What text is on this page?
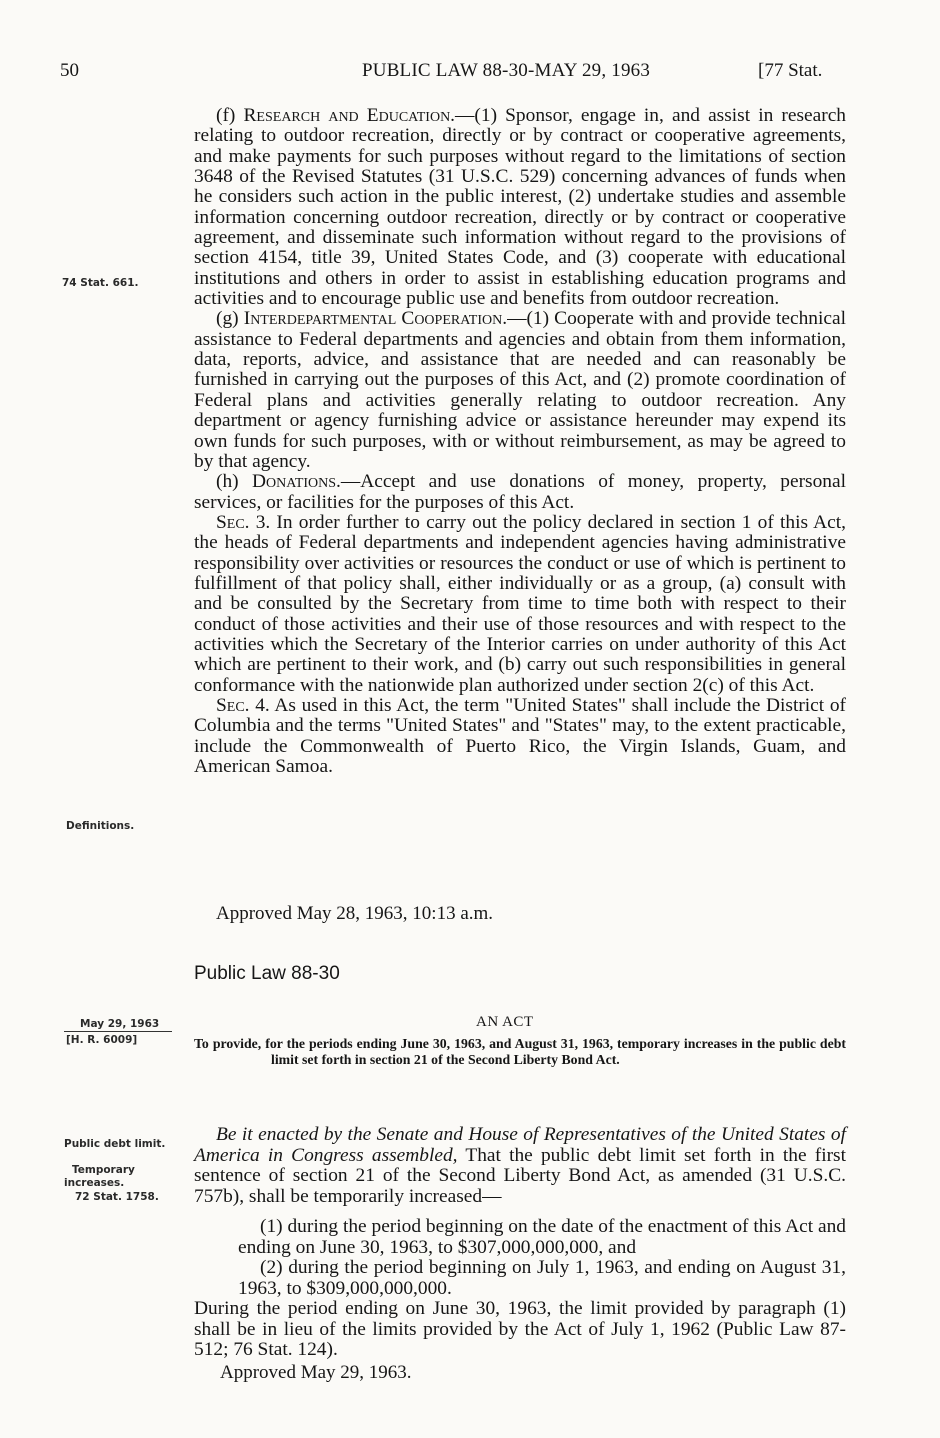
50	PUBLIC LAW 88-30-MAY 29, 1963	[77 Stat.
74 Stat. 661.
Definitions.
May 29, 1963
[H. R. 6009]
Public debt limit.
Temporary increases.
72 Stat. 1758.

(f) Research and Education.—(1) Sponsor, engage in, and assist in research relating to outdoor recreation, directly or by contract or cooperative agreements, and make payments for such purposes without regard to the limitations of section 3648 of the Revised Statutes (31 U.S.C. 529) concerning advances of funds when he considers such action in the public interest, (2) undertake studies and assemble information concerning outdoor recreation, directly or by contract or cooperative agreement, and disseminate such information without regard to the provisions of section 4154, title 39, United States Code, and (3) cooperate with educational institutions and others in order to assist in establishing education programs and activities and to encourage public use and benefits from outdoor recreation.

(g) Interdepartmental Cooperation.—(1) Cooperate with and provide technical assistance to Federal departments and agencies and obtain from them information, data, reports, advice, and assistance that are needed and can reasonably be furnished in carrying out the purposes of this Act, and (2) promote coordination of Federal plans and activities generally relating to outdoor recreation. Any department or agency furnishing advice or assistance hereunder may expend its own funds for such purposes, with or without reimbursement, as may be agreed to by that agency.

(h) Donations.—Accept and use donations of money, property, personal services, or facilities for the purposes of this Act.

Sec. 3. In order further to carry out the policy declared in section 1 of this Act, the heads of Federal departments and independent agencies having administrative responsibility over activities or resources the conduct or use of which is pertinent to fulfillment of that policy shall, either individually or as a group, (a) consult with and be consulted by the Secretary from time to time both with respect to their conduct of those activities and their use of those resources and with respect to the activities which the Secretary of the Interior carries on under authority of this Act which are pertinent to their work, and (b) carry out such responsibilities in general conformance with the nationwide plan authorized under section 2(c) of this Act.

Sec. 4. As used in this Act, the term "United States" shall include the District of Columbia and the terms "United States" and "States" may, to the extent practicable, include the Commonwealth of Puerto Rico, the Virgin Islands, Guam, and American Samoa.

Approved May 28, 1963, 10:13 a.m.
Public Law 88-30
AN ACT
To provide, for the periods ending June 30, 1963, and August 31, 1963, temporary increases in the public debt limit set forth in section 21 of the Second Liberty Bond Act.
Be it enacted by the Senate and House of Representatives of the United States of America in Congress assembled, That the public debt limit set forth in the first sentence of section 21 of the Second Liberty Bond Act, as amended (31 U.S.C. 757b), shall be temporarily increased—
(1) during the period beginning on the date of the enactment of this Act and ending on June 30, 1963, to $307,000,000,000, and
(2) during the period beginning on July 1, 1963, and ending on August 31, 1963, to $309,000,000,000.
During the period ending on June 30, 1963, the limit provided by paragraph (1) shall be in lieu of the limits provided by the Act of July 1, 1962 (Public Law 87-512; 76 Stat. 124).
Approved May 29, 1963.
